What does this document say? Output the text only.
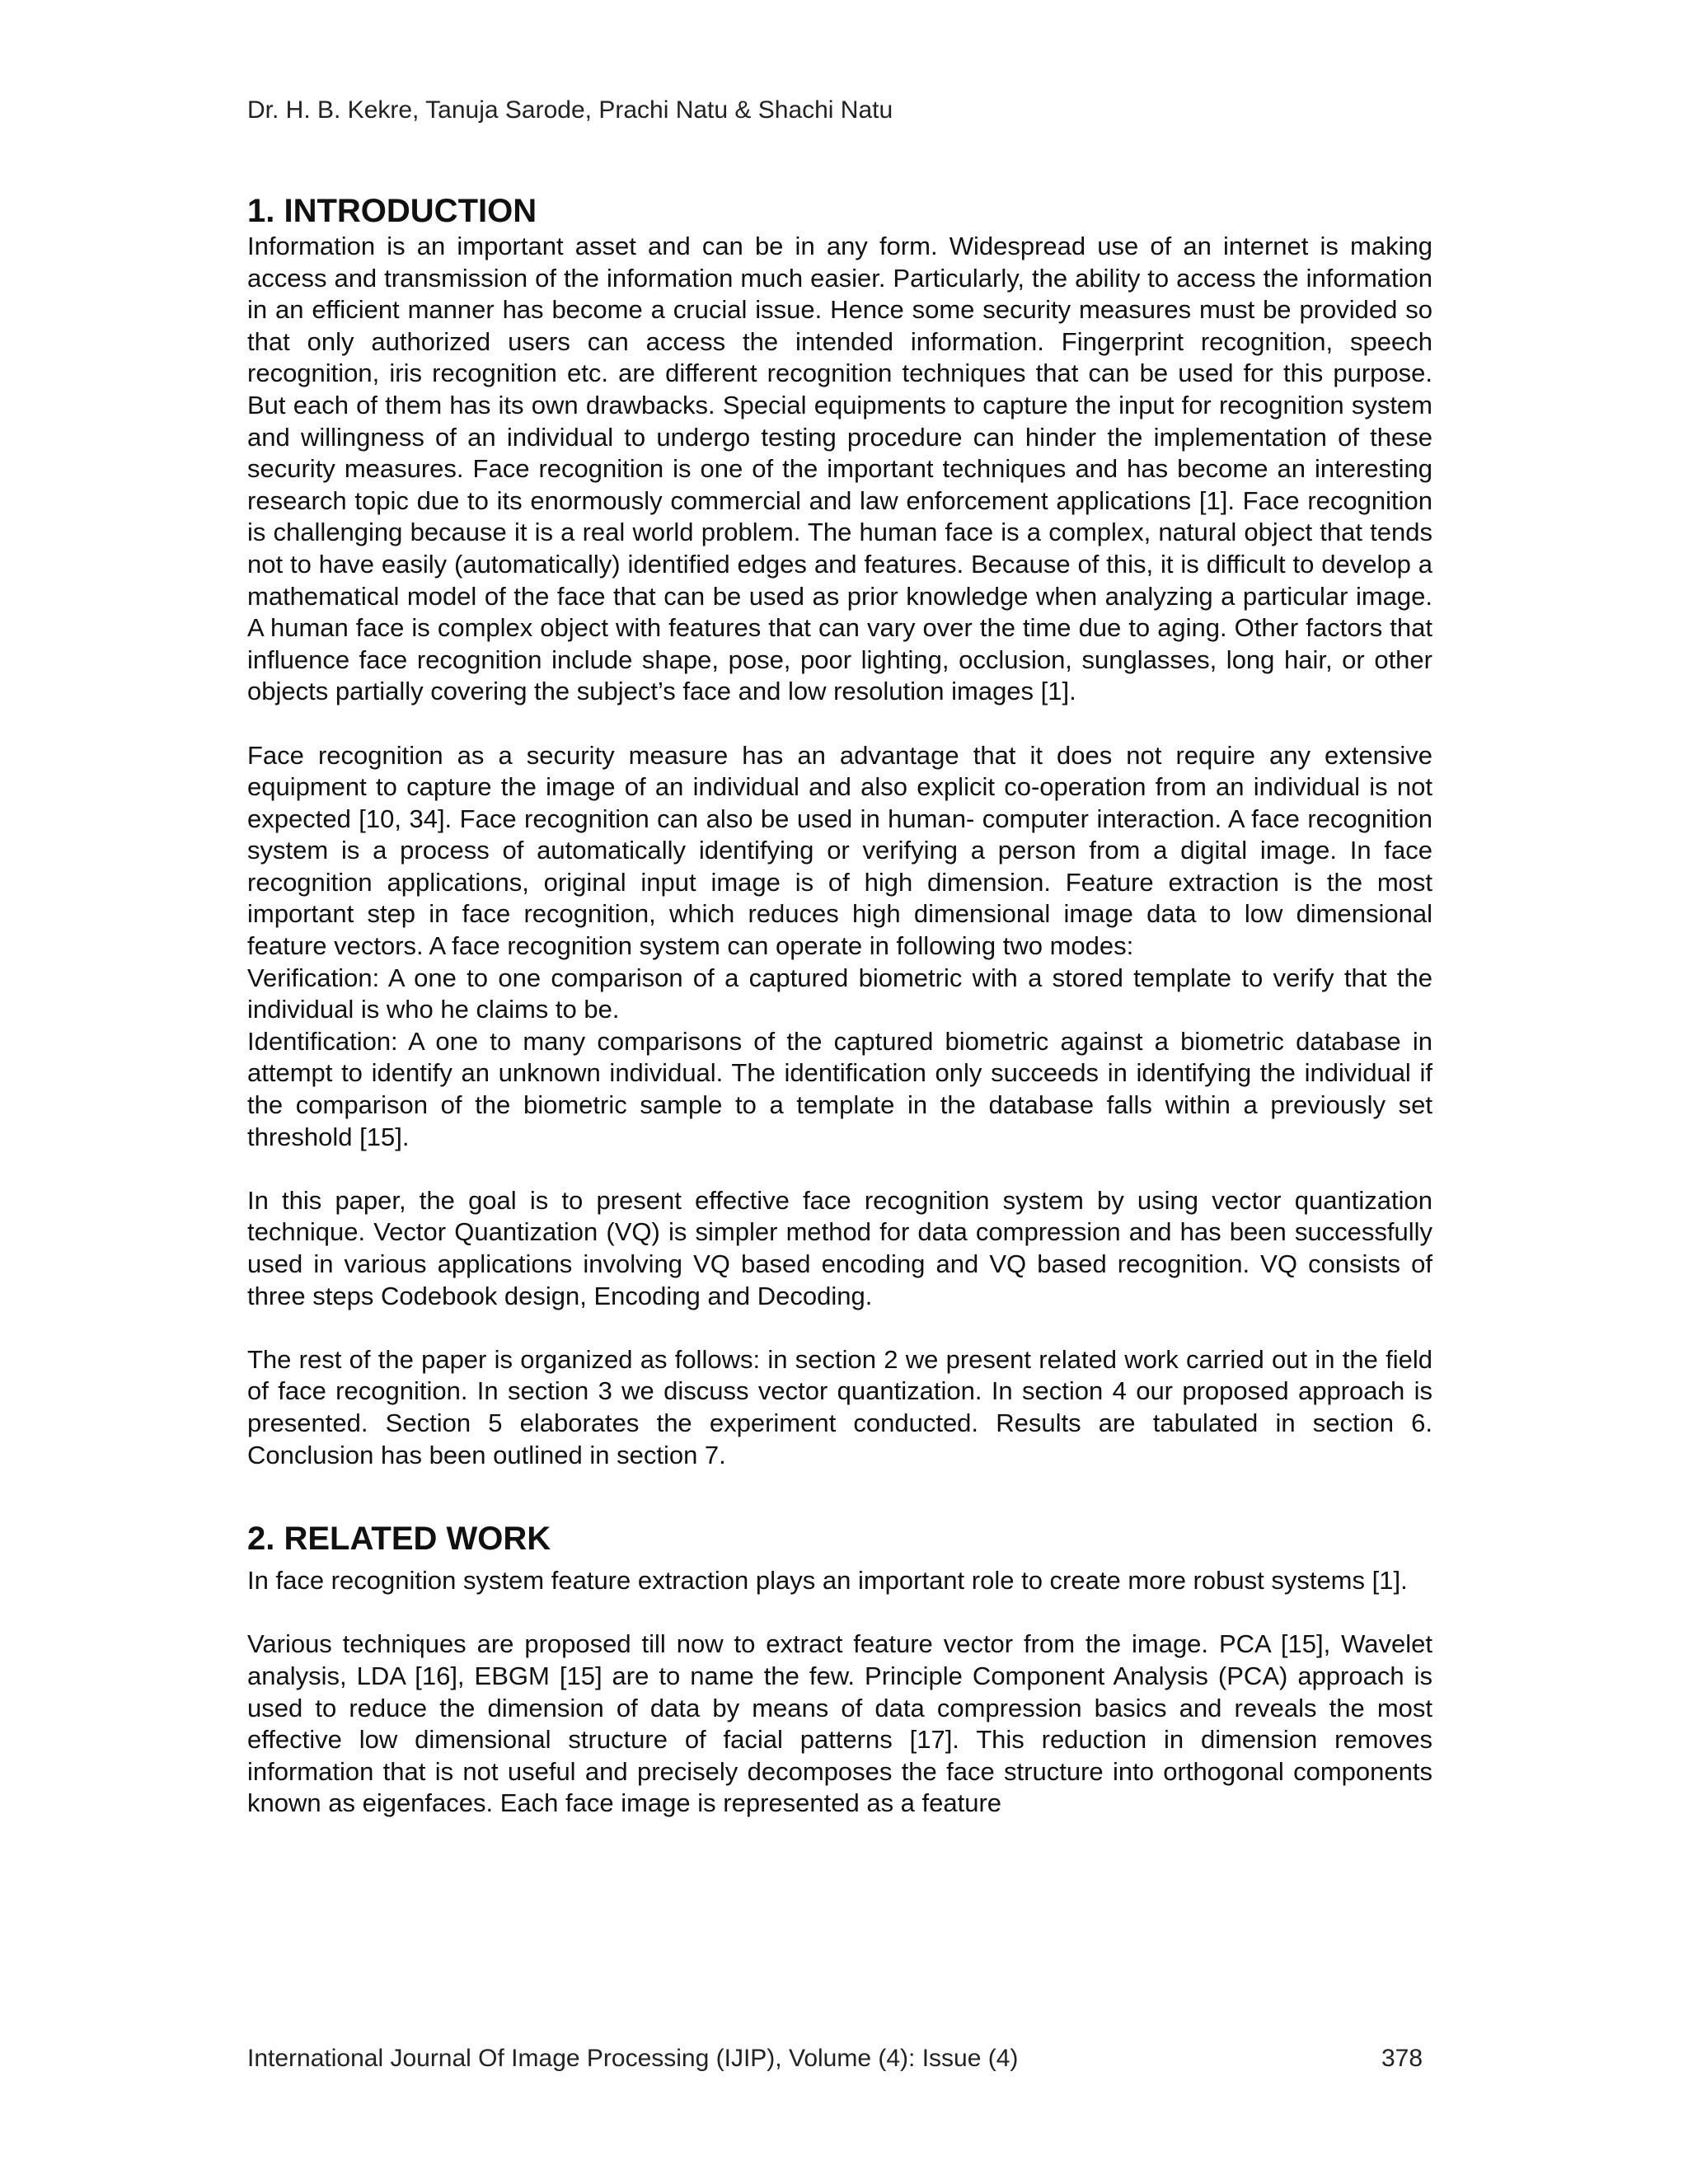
Dr. H. B. Kekre, Tanuja Sarode, Prachi Natu & Shachi Natu
1. INTRODUCTION

Information is an important asset and can be in any form. Widespread use of an internet is making access and transmission of the information much easier. Particularly, the ability to access the information in an efficient manner has become a crucial issue. Hence some security measures must be provided so that only authorized users can access the intended information. Fingerprint recognition, speech recognition, iris recognition etc. are different recognition techniques that can be used for this purpose. But each of them has its own drawbacks. Special equipments to capture the input for recognition system and willingness of an individual to undergo testing procedure can hinder the implementation of these security measures. Face recognition is one of the important techniques and has become an interesting research topic due to its enormously commercial and law enforcement applications [1]. Face recognition is challenging because it is a real world problem. The human face is a complex, natural object that tends not to have easily (automatically) identified edges and features. Because of this, it is difficult to develop a mathematical model of the face that can be used as prior knowledge when analyzing a particular image. A human face is complex object with features that can vary over the time due to aging. Other factors that influence face recognition include shape, pose, poor lighting, occlusion, sunglasses, long hair, or other objects partially covering the subject’s face and low resolution images [1].

Face recognition as a security measure has an advantage that it does not require any extensive equipment to capture the image of an individual and also explicit co-operation from an individual is not expected [10, 34]. Face recognition can also be used in human- computer interaction. A face recognition system is a process of automatically identifying or verifying a person from a digital image. In face recognition applications, original input image is of high dimension. Feature extraction is the most important step in face recognition, which reduces high dimensional image data to low dimensional feature vectors. A face recognition system can operate in following two modes:

Verification: A one to one comparison of a captured biometric with a stored template to verify that the individual is who he claims to be.

Identification: A one to many comparisons of the captured biometric against a biometric database in attempt to identify an unknown individual. The identification only succeeds in identifying the individual if the comparison of the biometric sample to a template in the database falls within a previously set threshold [15].

In this paper, the goal is to present effective face recognition system by using vector quantization technique. Vector Quantization (VQ) is simpler method for data compression and has been successfully used in various applications involving VQ based encoding and VQ based recognition. VQ consists of three steps Codebook design, Encoding and Decoding.

The rest of the paper is organized as follows: in section 2 we present related work carried out in the field of face recognition. In section 3 we discuss vector quantization. In section 4 our proposed approach is presented. Section 5 elaborates the experiment conducted. Results are tabulated in section 6. Conclusion has been outlined in section 7.

2. RELATED WORK

In face recognition system feature extraction plays an important role to create more robust systems [1].

Various techniques are proposed till now to extract feature vector from the image. PCA [15], Wavelet analysis, LDA [16], EBGM [15] are to name the few. Principle Component Analysis (PCA) approach is used to reduce the dimension of data by means of data compression basics and reveals the most effective low dimensional structure of facial patterns [17]. This reduction in dimension removes information that is not useful and precisely decomposes the face structure into orthogonal components known as eigenfaces. Each face image is represented as a feature

International Journal Of Image Processing (IJIP), Volume (4): Issue (4)	378
